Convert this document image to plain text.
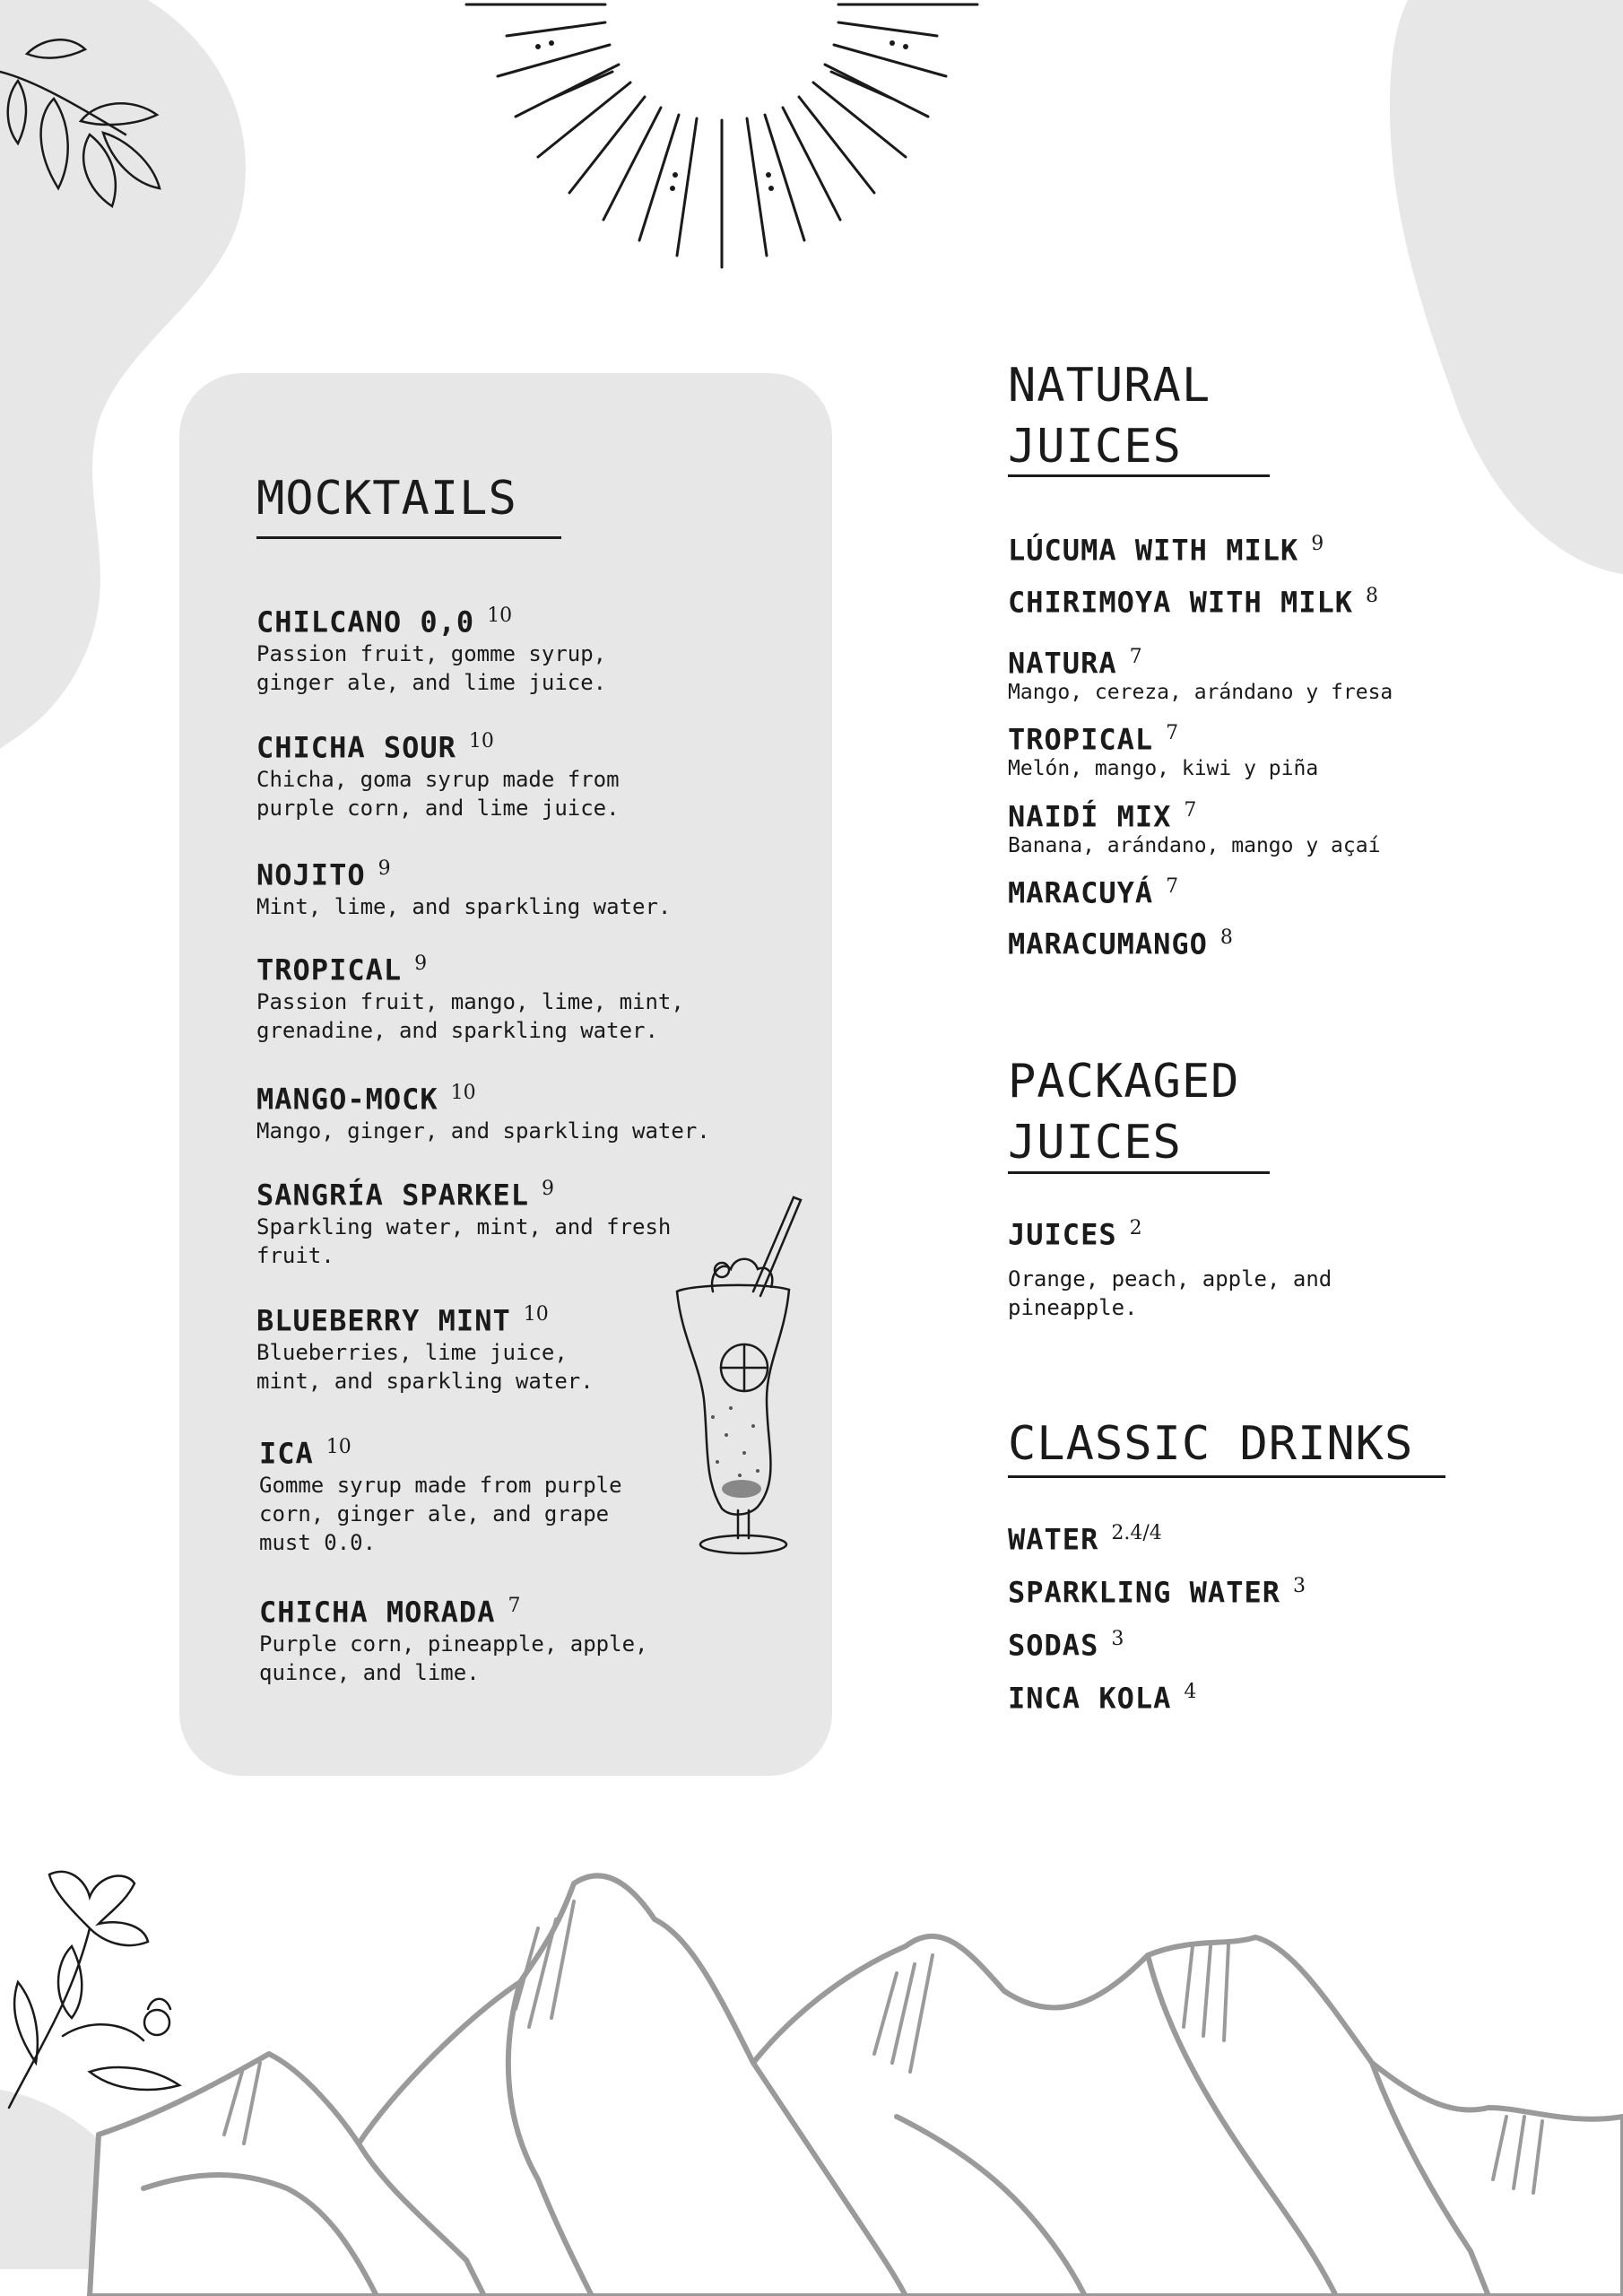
MOCKTAILS
CHILCANO 0,0 $^{10}$
Passion fruit, gomme syrup,
ginger ale, and lime juice.
CHICHA SOUR $^{10}$
Chicha, goma syrup made from
purple corn, and lime juice.
NOJITO $^9$
Mint, lime, and sparkling water.
TROPICAL $^9$
Passion fruit, mango, lime, mint,
grenadine, and sparkling water.
MANGO-MOCK $^{10}$
Mango, ginger, and sparkling water.
SANGRÍA SPARKEL $^9$
Sparkling water, mint, and fresh
fruit.
BLUEBERRY MINT $^{10}$
Blueberries, lime juice,
mint, and sparkling water.
ICA $^{10}$
Gomme syrup made from purple
corn, ginger ale, and grape
must 0.0.
CHICHA MORADA $^7$
Purple corn, pineapple, apple,
quince, and lime.
NATURAL
JUICES
LÚCUMA WITH MILK $^9$
CHIRIMOYA WITH MILK $^8$
NATURA $^7$
Mango, cereza, arándano y fresa
TROPICAL $^7$
Melón, mango, kiwi y piña
NAIDÍ MIX $^7$
Banana, arándano, mango y açaí
MARACUYÁ $^7$
MARACUMANGO $^8$
PACKAGED
JUICES
JUICES $^2$
Orange, peach, apple, and
pineapple.
CLASSIC DRINKS
WATER $^{2.4/4}$
SPARKLING WATER $^3$
SODAS $^3$
INCA KOLA $^4$
